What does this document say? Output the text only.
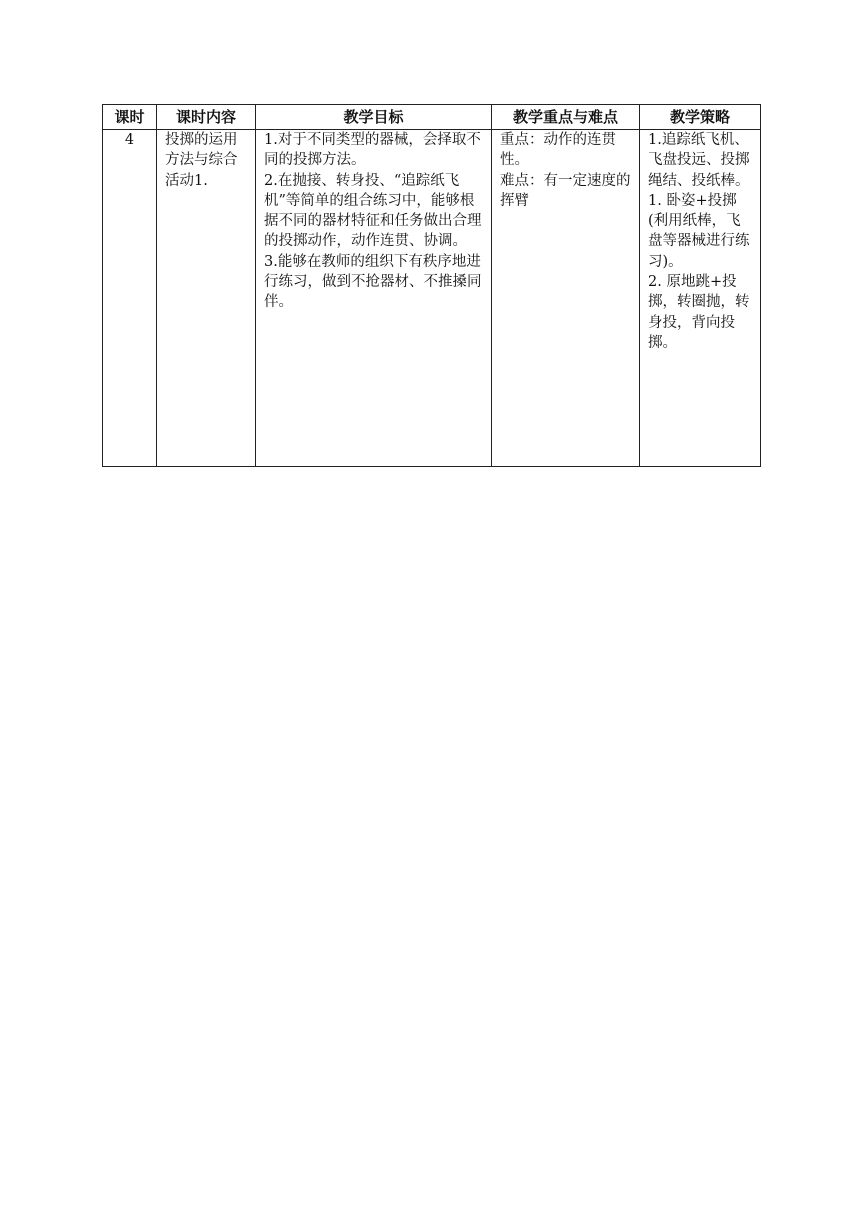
课时	课时内容	教学目标	教学重点与难点	教学策略

4	投掷的运用方法与综合活动1.	1.对于不同类型的器械，会择取不同的投掷方法。
2.在抛接、转身投、“追踪纸飞机”等简单的组合练习中，能够根据不同的器材特征和任务做出合理的投掷动作，动作连贯、协调。
3.能够在教师的组织下有秩序地进行练习，做到不抢器材、不推搡同伴。	重点：动作的连贯性。
难点：有一定速度的挥臂	1.追踪纸飞机、飞盘投远、投掷绳结、投纸棒。
1. 卧姿+投掷(利用纸棒，飞盘等器械进行练习)。
2. 原地跳+投掷，转圈抛，转身投，背向投掷。
